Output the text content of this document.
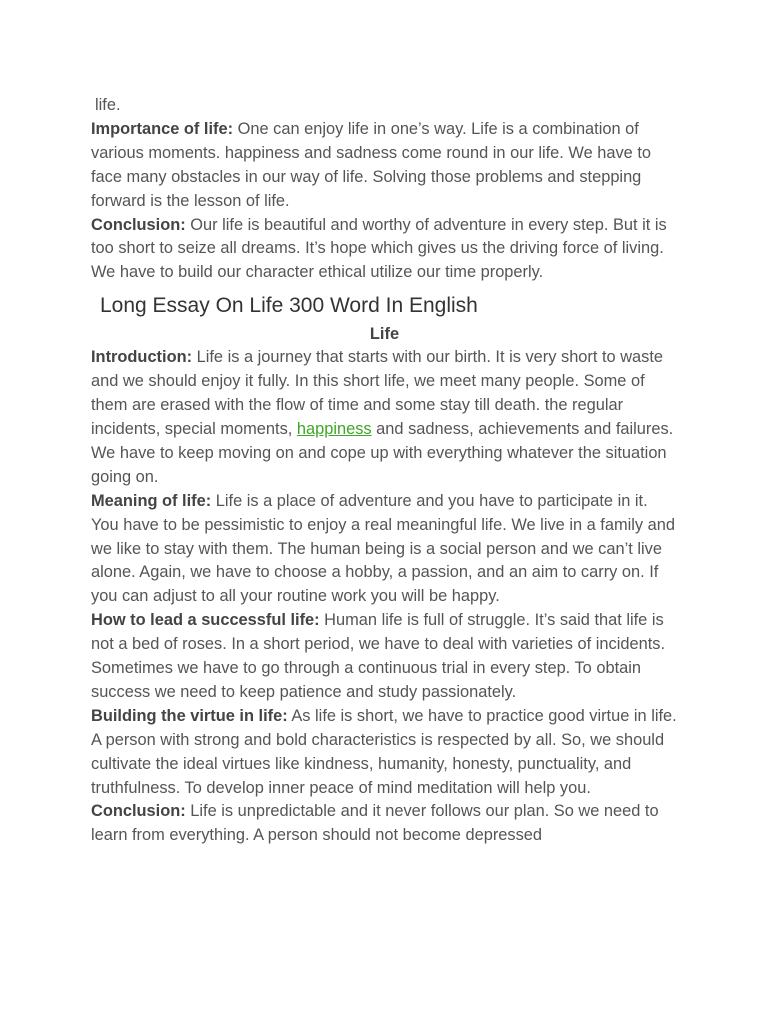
life.

Importance of life: One can enjoy life in one’s way. Life is a combination of various moments. happiness and sadness come round in our life. We have to face many obstacles in our way of life. Solving those problems and stepping forward is the lesson of life.

Conclusion: Our life is beautiful and worthy of adventure in every step. But it is too short to seize all dreams. It’s hope which gives us the driving force of living. We have to build our character ethical utilize our time properly.

Long Essay On Life 300 Word In English
Life

Introduction: Life is a journey that starts with our birth. It is very short to waste and we should enjoy it fully. In this short life, we meet many people. Some of them are erased with the flow of time and some stay till death. the regular incidents, special moments, happiness and sadness, achievements and failures. We have to keep moving on and cope up with everything whatever the situation going on.

Meaning of life: Life is a place of adventure and you have to participate in it. You have to be pessimistic to enjoy a real meaningful life. We live in a family and we like to stay with them. The human being is a social person and we can’t live alone. Again, we have to choose a hobby, a passion, and an aim to carry on. If you can adjust to all your routine work you will be happy.

How to lead a successful life: Human life is full of struggle. It’s said that life is not a bed of roses. In a short period, we have to deal with varieties of incidents. Sometimes we have to go through a continuous trial in every step. To obtain success we need to keep patience and study passionately.

Building the virtue in life: As life is short, we have to practice good virtue in life. A person with strong and bold characteristics is respected by all. So, we should cultivate the ideal virtues like kindness, humanity, honesty, punctuality, and truthfulness. To develop inner peace of mind meditation will help you.

Conclusion: Life is unpredictable and it never follows our plan. So we need to learn from everything. A person should not become depressed
